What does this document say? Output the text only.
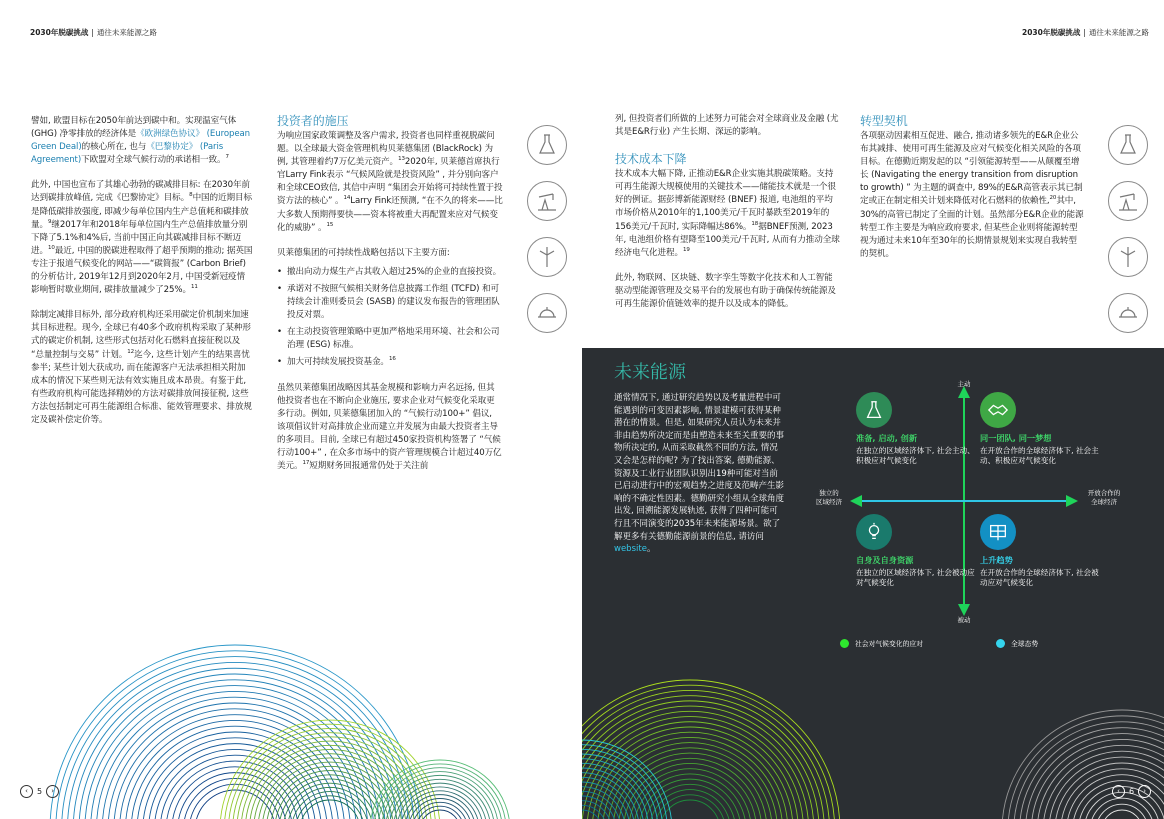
2030年脱碳挑战 | 通往未来能源之路	2030年脱碳挑战 | 通往未来能源之路

譬如, 欧盟目标在2050年前达到碳中和。实现温室气体 (GHG) 净零排放的经济体是《欧洲绿色协议》 (European Green Deal)的核心所在, 也与《巴黎协定》 (Paris Agreement)下欧盟对全球气候行动的承诺相一致。$^7$

此外, 中国也宣布了其雄心勃勃的碳减排目标: 在2030年前达到碳排放峰值, 完成《巴黎协定》目标。$^8$中国的近期目标是降低碳排放强度, 即减少每单位国内生产总值耗和碳排放量。$^9$继2017年和2018年每单位国内生产总值排放量分别下降了5.1%和4%后, 当前中国正向其碳减排目标不断迈进。$^{10}$最近, 中国的脱碳进程取得了超乎预期的推动; 据英国专注于报道气候变化的网站——“碳简报” (Carbon Brief) 的分析估计, 2019年12月到2020年2月, 中国受新冠疫情影响暂时歇业期间, 碳排放量减少了25%。$^{11}$

除制定减排目标外, 部分政府机构还采用碳定价机制来加速其目标进程。现今, 全球已有40多个政府机构采取了某种形式的碳定价机制, 这些形式包括对化石燃料直接征税以及 “总量控制与交易” 计划。$^{12}$迄今, 这些计划产生的结果喜忧参半; 某些计划大获成功, 而在能源客户无法承担相关附加成本的情况下某些则无法有效实施且成本昂贵。有鉴于此, 有些政府机构可能选择精妙的方法对碳排放间接征税, 这些方法包括制定可再生能源组合标准、能效管理要求、排放规定及碳补偿定价等。

投资者的施压

为响应国家政策调整及客户需求, 投资者也同样重视脱碳问题。以全球最大资金管理机构贝莱德集团 (BlackRock) 为例, 其管理着约7万亿美元资产。$^{13}$2020年, 贝莱德首席执行官Larry Fink表示 “气候风险就是投资风险” , 并分别向客户和全球CEO致信, 其信中声明 “集团会开始将可持续性置于投资方法的核心” 。$^{14}$Larry Fink还预测, “在不久的将来——比大多数人预期得要快——资本将被重大再配置来应对气候变化的威胁” 。$^{15}$

贝莱德集团的可持续性战略包括以下主要方面:

• 撤出向动力煤生产占其收入超过25%的企业的直接投资。
• 承诺对不按照气候相关财务信息披露工作组 (TCFD) 和可持续会计准则委员会 (SASB) 的建议发布报告的管理团队投反对票。
• 在主动投资管理策略中更加严格地采用环境、社会和公司治理 (ESG) 标准。
• 加大可持续发展投资基金。$^{16}$

虽然贝莱德集团战略因其基金规模和影响力声名远扬, 但其他投资者也在不断向企业施压, 要求企业对气候变化采取更多行动。例如, 贝莱德集团加入的 “气候行动100+” 倡议, 该项倡议针对高排放企业而建立并发展为由最大投资者主导的多项目。目前, 全球已有超过450家投资机构签署了 “气候行动100+” , 在众多市场中的资产管理规模合计超过40万亿美元。$^{17}$短期财务回报通常仍处于关注前

列, 但投资者们所做的上述努力可能会对全球商业及金融 (尤其是E&R行业) 产生长期、深远的影响。

技术成本下降

技术成本大幅下降, 正推动E&R企业实施其脱碳策略。支持可再生能源大规模使用的关键技术——储能技术就是一个很好的例证。据彭博新能源财经 (BNEF) 报道, 电池组的平均市场价格从2010年的1,100美元/千瓦时暴跌至2019年的156美元/千瓦时, 实际降幅达86%。$^{18}$据BNEF预测, 2023年, 电池组价格有望降至100美元/千瓦时, 从而有力推动全球经济电气化进程。$^{19}$

此外, 物联网、区块链、数字孪生等数字化技术和人工智能驱动型能源管理及交易平台的发展也有助于确保传统能源及可再生能源价值链效率的提升以及成本的降低。

转型契机

各项驱动因素相互促进、融合, 推动诸多领先的E&R企业公布其减排、使用可再生能源及应对气候变化相关风险的各项目标。在德勤近期发起的以 “引领能源转型——从颠覆至增长 (Navigating the energy transition from disruption to growth) ” 为主题的调查中, 89%的E&R高管表示其已制定或正在制定相关计划来降低对化石燃料的依赖性,$^{20}$其中, 30%的高管已制定了全面的计划。虽然部分E&R企业的能源转型工作主要是为响应政府要求, 但某些企业则将能源转型视为通过未来10年至30年的长期情景规划来实现自我转型的契机。

未来能源
通常情况下, 通过研究趋势以及考量进程中可能遇到的可变因素影响, 情景建模可获得某种潜在的情景。但是, 如果研究人员认为未来并非由趋势所决定而是由塑造未来至关重要的事物所决定的, 从而采取截然不同的方法, 情况又会是怎样的呢? 为了找出答案, 德勤能源、资源及工业行业团队识别出19种可能对当前已启动进行中的宏观趋势之进度及范畴产生影响的不确定性因素。德勤研究小组从全球角度出发, 回溯能源发展轨迹, 获得了四种可能可行且不同演变的2035年未来能源场景。欲了解更多有关德勤能源前景的信息, 请访问website。
主动
被动
独立的
区域经济
开放合作的
全球经济
准备, 启动, 创新
在独立的区域经济体下, 社会主动、积极应对气候变化
同一团队, 同一梦想
在开放合作的全球经济体下, 社会主动、积极应对气候变化
自身及自身资源
在独立的区域经济体下, 社会被动应对气候变化
上升趋势
在开放合作的全球经济体下, 社会被动应对气候变化
社会对气候变化的应对	全球态势
‹	5	›	‹	6	›
